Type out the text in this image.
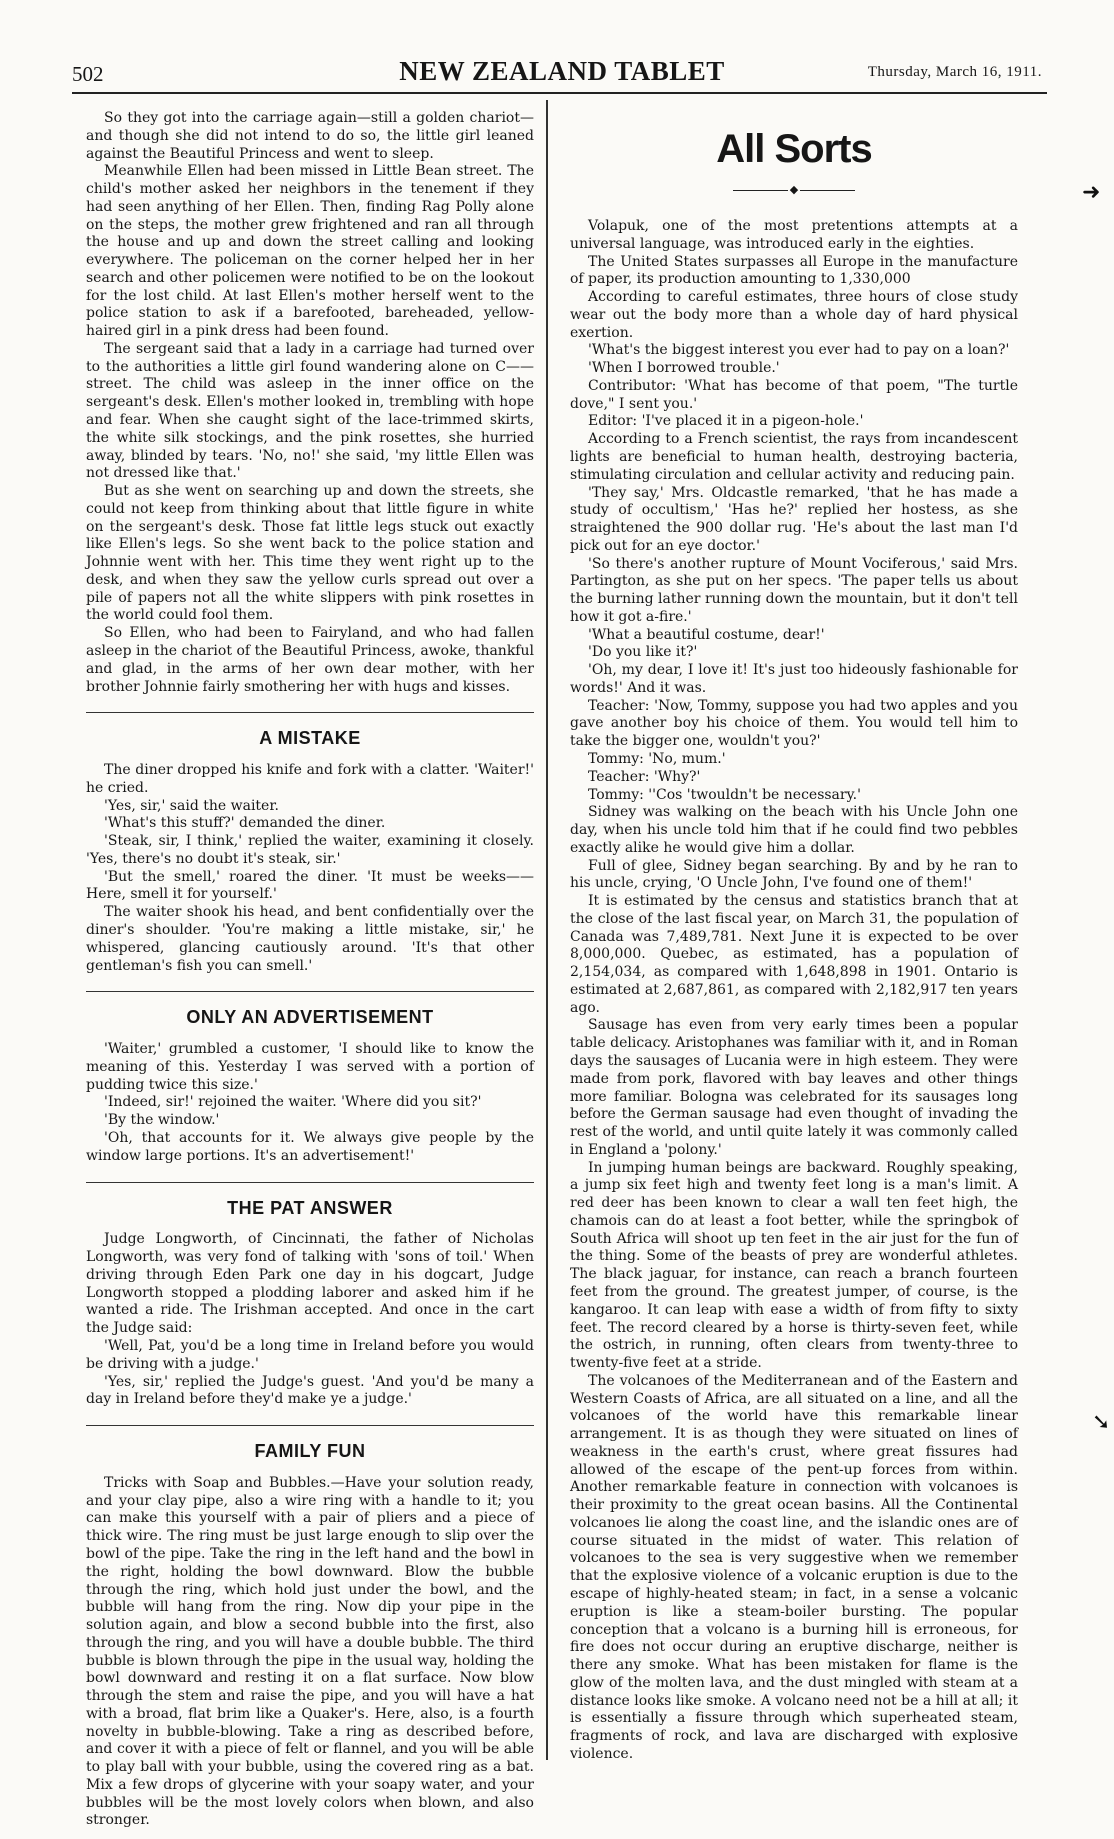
502	NEW ZEALAND TABLET	Thursday, March 16, 1911.

So they got into the carriage again—still a golden chariot—and though she did not intend to do so, the little girl leaned against the Beautiful Princess and went to sleep.

Meanwhile Ellen had been missed in Little Bean street. The child's mother asked her neighbors in the tenement if they had seen anything of her Ellen. Then, finding Rag Polly alone on the steps, the mother grew frightened and ran all through the house and up and down the street calling and looking everywhere. The policeman on the corner helped her in her search and other policemen were notified to be on the lookout for the lost child. At last Ellen's mother herself went to the police station to ask if a barefooted, bareheaded, yellow-haired girl in a pink dress had been found.

The sergeant said that a lady in a carriage had turned over to the authorities a little girl found wandering alone on C—— street. The child was asleep in the inner office on the sergeant's desk. Ellen's mother looked in, trembling with hope and fear. When she caught sight of the lace-trimmed skirts, the white silk stockings, and the pink rosettes, she hurried away, blinded by tears. 'No, no!' she said, 'my little Ellen was not dressed like that.'

But as she went on searching up and down the streets, she could not keep from thinking about that little figure in white on the sergeant's desk. Those fat little legs stuck out exactly like Ellen's legs. So she went back to the police station and Johnnie went with her. This time they went right up to the desk, and when they saw the yellow curls spread out over a pile of papers not all the white slippers with pink rosettes in the world could fool them.

So Ellen, who had been to Fairyland, and who had fallen asleep in the chariot of the Beautiful Princess, awoke, thankful and glad, in the arms of her own dear mother, with her brother Johnnie fairly smothering her with hugs and kisses.

A MISTAKE

The diner dropped his knife and fork with a clatter. 'Waiter!' he cried.

'Yes, sir,' said the waiter.

'What's this stuff?' demanded the diner.

'Steak, sir, I think,' replied the waiter, examining it closely. 'Yes, there's no doubt it's steak, sir.'

'But the smell,' roared the diner. 'It must be weeks—— Here, smell it for yourself.'

The waiter shook his head, and bent confidentially over the diner's shoulder. 'You're making a little mistake, sir,' he whispered, glancing cautiously around. 'It's that other gentleman's fish you can smell.'

ONLY AN ADVERTISEMENT

'Waiter,' grumbled a customer, 'I should like to know the meaning of this. Yesterday I was served with a portion of pudding twice this size.'

'Indeed, sir!' rejoined the waiter. 'Where did you sit?'

'By the window.'

'Oh, that accounts for it. We always give people by the window large portions. It's an advertisement!'

THE PAT ANSWER

Judge Longworth, of Cincinnati, the father of Nicholas Longworth, was very fond of talking with 'sons of toil.' When driving through Eden Park one day in his dogcart, Judge Longworth stopped a plodding laborer and asked him if he wanted a ride. The Irishman accepted. And once in the cart the Judge said:

'Well, Pat, you'd be a long time in Ireland before you would be driving with a judge.'

'Yes, sir,' replied the Judge's guest. 'And you'd be many a day in Ireland before they'd make ye a judge.'

FAMILY FUN

Tricks with Soap and Bubbles.—Have your solution ready, and your clay pipe, also a wire ring with a handle to it; you can make this yourself with a pair of pliers and a piece of thick wire. The ring must be just large enough to slip over the bowl of the pipe. Take the ring in the left hand and the bowl in the right, holding the bowl downward. Blow the bubble through the ring, which hold just under the bowl, and the bubble will hang from the ring. Now dip your pipe in the solution again, and blow a second bubble into the first, also through the ring, and you will have a double bubble. The third bubble is blown through the pipe in the usual way, holding the bowl downward and resting it on a flat surface. Now blow through the stem and raise the pipe, and you will have a hat with a broad, flat brim like a Quaker's. Here, also, is a fourth novelty in bubble-blowing. Take a ring as described before, and cover it with a piece of felt or flannel, and you will be able to play ball with your bubble, using the covered ring as a bat. Mix a few drops of glycerine with your soapy water, and your bubbles will be the most lovely colors when blown, and also stronger.

All Sorts
◆

Volapuk, one of the most pretentions attempts at a universal language, was introduced early in the eighties.

The United States surpasses all Europe in the manufacture of paper, its production amounting to 1,330,000

According to careful estimates, three hours of close study wear out the body more than a whole day of hard physical exertion.

'What's the biggest interest you ever had to pay on a loan?'

'When I borrowed trouble.'

Contributor: 'What has become of that poem, "The turtle dove," I sent you.'

Editor: 'I've placed it in a pigeon-hole.'

According to a French scientist, the rays from incandescent lights are beneficial to human health, destroying bacteria, stimulating circulation and cellular activity and reducing pain.

'They say,' Mrs. Oldcastle remarked, 'that he has made a study of occultism,' 'Has he?' replied her hostess, as she straightened the 900 dollar rug. 'He's about the last man I'd pick out for an eye doctor.'

'So there's another rupture of Mount Vociferous,' said Mrs. Partington, as she put on her specs. 'The paper tells us about the burning lather running down the mountain, but it don't tell how it got a-fire.'

'What a beautiful costume, dear!'

'Do you like it?'

'Oh, my dear, I love it! It's just too hideously fashionable for words!' And it was.

Teacher: 'Now, Tommy, suppose you had two apples and you gave another boy his choice of them. You would tell him to take the bigger one, wouldn't you?'

Tommy: 'No, mum.'

Teacher: 'Why?'

Tommy: ''Cos 'twouldn't be necessary.'

Sidney was walking on the beach with his Uncle John one day, when his uncle told him that if he could find two pebbles exactly alike he would give him a dollar.

Full of glee, Sidney began searching. By and by he ran to his uncle, crying, 'O Uncle John, I've found one of them!'

It is estimated by the census and statistics branch that at the close of the last fiscal year, on March 31, the population of Canada was 7,489,781. Next June it is expected to be over 8,000,000. Quebec, as estimated, has a population of 2,154,034, as compared with 1,648,898 in 1901. Ontario is estimated at 2,687,861, as compared with 2,182,917 ten years ago.

Sausage has even from very early times been a popular table delicacy. Aristophanes was familiar with it, and in Roman days the sausages of Lucania were in high esteem. They were made from pork, flavored with bay leaves and other things more familiar. Bologna was celebrated for its sausages long before the German sausage had even thought of invading the rest of the world, and until quite lately it was commonly called in England a 'polony.'

In jumping human beings are backward. Roughly speaking, a jump six feet high and twenty feet long is a man's limit. A red deer has been known to clear a wall ten feet high, the chamois can do at least a foot better, while the springbok of South Africa will shoot up ten feet in the air just for the fun of the thing. Some of the beasts of prey are wonderful athletes. The black jaguar, for instance, can reach a branch fourteen feet from the ground. The greatest jumper, of course, is the kangaroo. It can leap with ease a width of from fifty to sixty feet. The record cleared by a horse is thirty-seven feet, while the ostrich, in running, often clears from twenty-three to twenty-five feet at a stride.

The volcanoes of the Mediterranean and of the Eastern and Western Coasts of Africa, are all situated on a line, and all the volcanoes of the world have this remarkable linear arrangement. It is as though they were situated on lines of weakness in the earth's crust, where great fissures had allowed of the escape of the pent-up forces from within. Another remarkable feature in connection with volcanoes is their proximity to the great ocean basins. All the Continental volcanoes lie along the coast line, and the islandic ones are of course situated in the midst of water. This relation of volcanoes to the sea is very suggestive when we remember that the explosive violence of a volcanic eruption is due to the escape of highly-heated steam; in fact, in a sense a volcanic eruption is like a steam-boiler bursting. The popular conception that a volcano is a burning hill is erroneous, for fire does not occur during an eruptive discharge, neither is there any smoke. What has been mistaken for flame is the glow of the molten lava, and the dust mingled with steam at a distance looks like smoke. A volcano need not be a hill at all; it is essentially a fissure through which superheated steam, fragments of rock, and lava are discharged with explosive violence.

➜
➘
